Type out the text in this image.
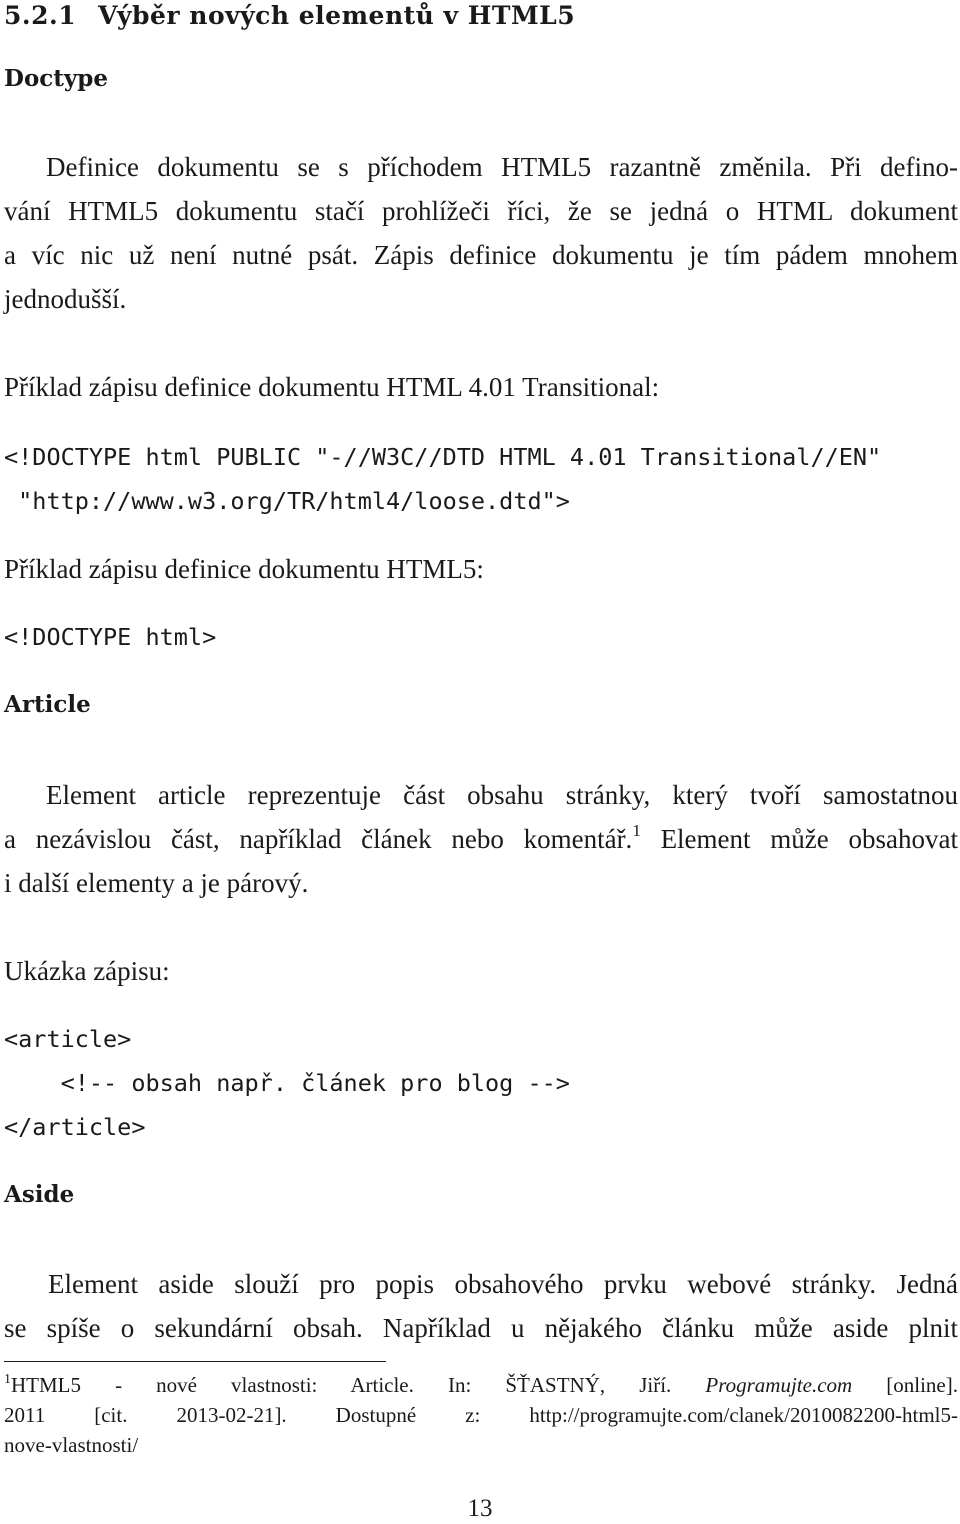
5.2.1 Výběr nových elementů v HTML5
Doctype
Definice dokumentu se s příchodem HTML5 razantně změnila. Při defino-
vání HTML5 dokumentu stačí prohlížeči říci, že se jedná o HTML dokument
a víc nic už není nutné psát. Zápis definice dokumentu je tím pádem mnohem
jednodušší.
Příklad zápisu definice dokumentu HTML 4.01 Transitional:
<!DOCTYPE html PUBLIC "-//W3C//DTD HTML 4.01 Transitional//EN"
"http://www.w3.org/TR/html4/loose.dtd">
Příklad zápisu definice dokumentu HTML5:
<!DOCTYPE html>
Article
Element article reprezentuje část obsahu stránky, který tvoří samostatnou
a nezávislou část, například článek nebo komentář.$^1$ Element může obsahovat
i další elementy a je párový.
Ukázka zápisu:
<article>
<!-- obsah např. článek pro blog -->
</article>
Aside
Element aside slouží pro popis obsahového prvku webové stránky. Jedná
se spíše o sekundární obsah. Například u nějakého článku může aside plnit
$^1$HTML5 - nové vlastnosti: Article. In: ŠŤASTNÝ, Jiří. Programujte.com [online].
2011 [cit. 2013-02-21]. Dostupné z: http://programujte.com/clanek/2010082200-html5-
nove-vlastnosti/
13
